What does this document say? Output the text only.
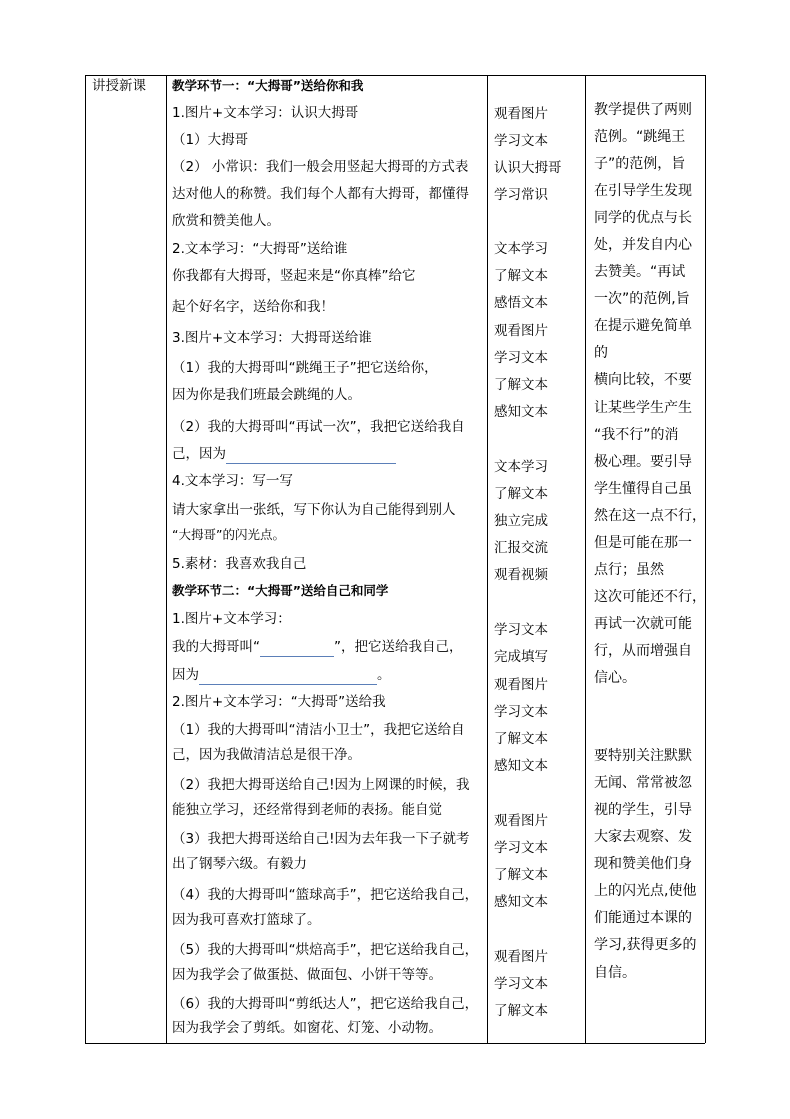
讲授新课 教学环节一：“大拇哥”送给你和我
1.图片+文本学习：认识大拇哥
（1）大拇哥
（2） 小常识：我们一般会用竖起大拇哥的方式表
达对他人的称赞。我们每个人都有大拇哥，都懂得
欣赏和赞美他人。
2.文本学习：“大拇哥”送给谁
你我都有大拇哥，竖起来是“你真棒”给它
起个好名字，送给你和我！
3.图片+文本学习：大拇哥送给谁
（1）我的大拇哥叫“跳绳王子”把它送给你，
因为你是我们班最会跳绳的人。
（2）我的大拇哥叫“再试一次”，我把它送给我自
己，因为
4.文本学习：写一写
请大家拿出一张纸，写下你认为自己能得到别人
“大拇哥”的闪光点。
5.素材：我喜欢我自己
教学环节二：“大拇哥”送给自己和同学
1.图片+文本学习：
我的大拇哥叫“	”，把它送给我自己，
因为	。
2.图片+文本学习：“大拇哥”送给我
（1）我的大拇哥叫“清洁小卫士”，我把它送给自
己，因为我做清洁总是很干净。
（2）我把大拇哥送给自己!因为上网课的时候，我
能独立学习，还经常得到老师的表扬。能自觉
（3）我把大拇哥送给自己!因为去年我一下子就考
出了钢琴六级。有毅力
（4）我的大拇哥叫“篮球高手”，把它送给我自己，
因为我可喜欢打篮球了。
（5）我的大拇哥叫“烘焙高手”，把它送给我自己，
因为我学会了做蛋挞、做面包、小饼干等等。
（6）我的大拇哥叫“剪纸达人”，把它送给我自己，
因为我学会了剪纸。如窗花、灯笼、小动物。
观看图片
学习文本
认识大拇哥
学习常识
文本学习
了解文本
感悟文本
观看图片
学习文本
了解文本
感知文本
文本学习
了解文本
独立完成
汇报交流
观看视频
学习文本
完成填写
观看图片
学习文本
了解文本
感知文本
观看图片
学习文本
了解文本
感知文本
观看图片
学习文本
了解文本
教学提供了两则
范例。“跳绳王
子”的范例，旨
在引导学生发现
同学的优点与长
处，并发自内心
去赞美。“再试
一次”的范例,旨
在提示避免简单
的
横向比较，不要
让某些学生产生
“我不行”的消
极心理。要引导
学生懂得自己虽
然在这一点不行，
但是可能在那一
点行；虽然
这次可能还不行，
再试一次就可能
行，从而增强自
信心。
要特别关注默默
无闻、常常被忽
视的学生，引导
大家去观察、发
现和赞美他们身
上的闪光点,使他
们能通过本课的
学习,获得更多的
自信。
